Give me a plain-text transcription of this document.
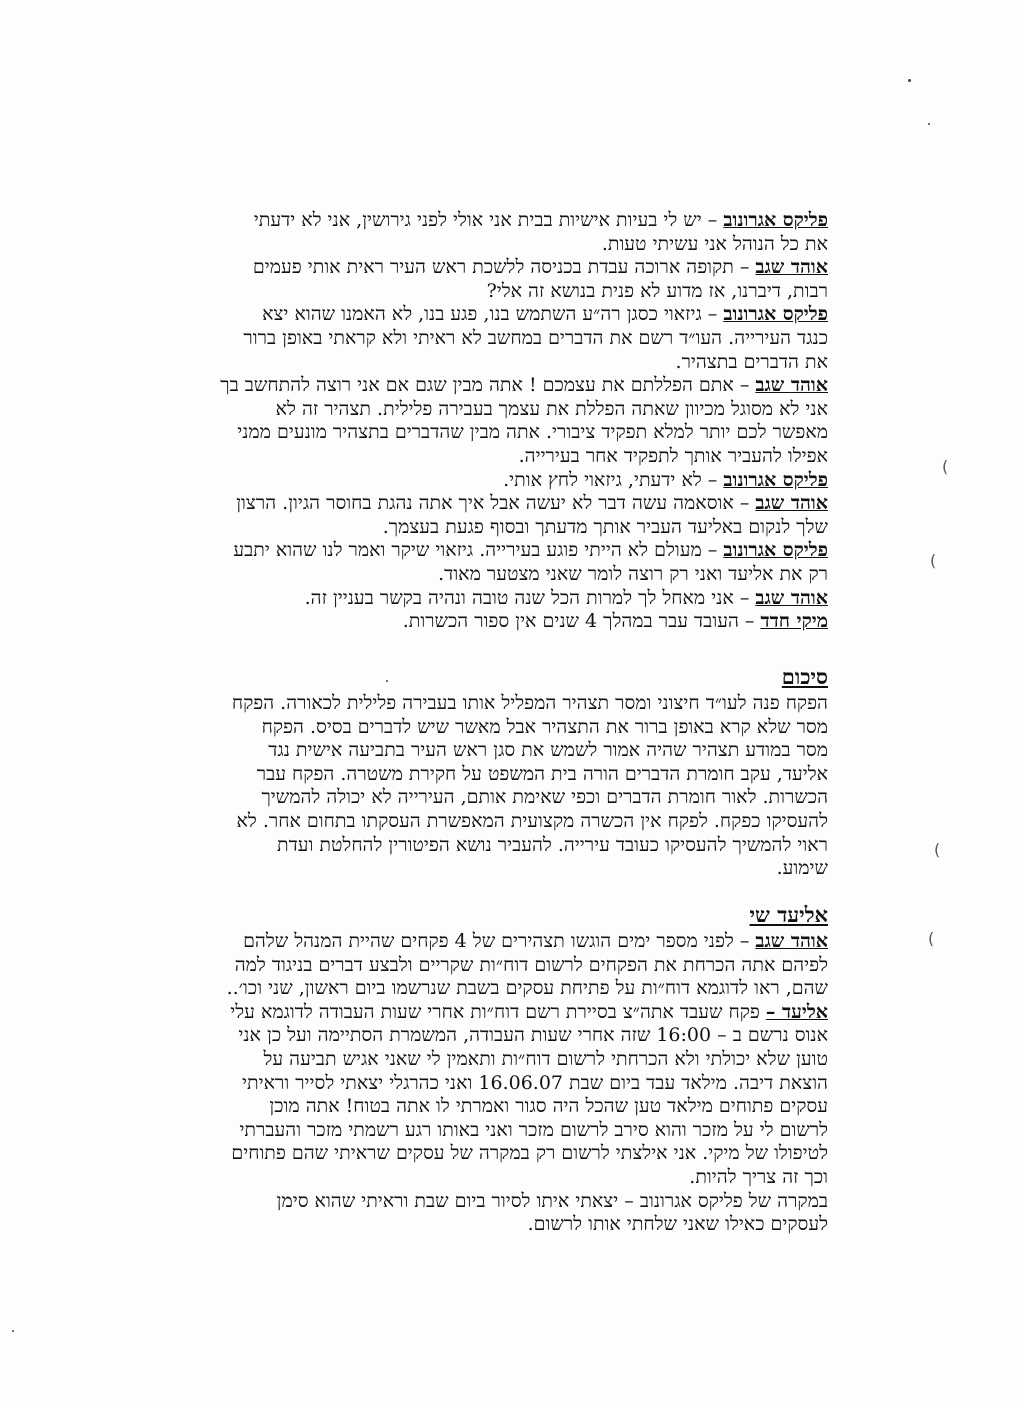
(
(
(
(
פליקס אגרונוב – יש לי בעיות אישיות בבית אני אולי לפני גירושין, אני לא ידעתי
את כל הנוהל אני עשיתי טעות.
אוהד שגב – תקופה ארוכה עבדת בכניסה ללשכת ראש העיר ראית אותי פעמים
רבות, דיברנו, אז מדוע לא פנית בנושא זה אלי?
פליקס אגרונוב – גיזאוי כסגן רה״ע השתמש בנו, פגע בנו, לא האמנו שהוא יצא
כנגד העירייה. העו״ד רשם את הדברים במחשב לא ראיתי ולא קראתי באופן ברור
את הדברים בתצהיר.
אוהד שגב – אתם הפללתם את עצמכם ! אתה מבין שגם אם אני רוצה להתחשב בך
אני לא מסוגל מכיוון שאתה הפללת את עצמך בעבירה פלילית. תצהיר זה לא
מאפשר לכם יותר למלא תפקיד ציבורי. אתה מבין שהדברים בתצהיר מונעים ממני
אפילו להעביר אותך לתפקיד אחר בעירייה.
פליקס אגרונוב – לא ידעתי, גיזאוי לחץ אותי.
אוהד שגב – אוסאמה עשה דבר לא יעשה אבל איך אתה נהגת בחוסר הגיון. הרצון
שלך לנקום באליעד העביר אותך מדעתך ובסוף פגעת בעצמך.
פליקס אגרונוב – מעולם לא הייתי פוגע בעירייה. גיזאוי שיקר ואמר לנו שהוא יתבע
רק את אליעד ואני רק רוצה לומר שאני מצטער מאוד.
אוהד שגב – אני מאחל לך למרות הכל שנה טובה ונהיה בקשר בעניין זה.
מיקי חדד – העובד עבר במהלך 4 שנים אין ספור הכשרות.
סיכום
הפקח פנה לעו״ד חיצוני ומסר תצהיר המפליל אותו בעבירה פלילית לכאורה. הפקח
מסר שלא קרא באופן ברור את התצהיר אבל מאשר שיש לדברים בסיס. הפקח
מסר במודע תצהיר שהיה אמור לשמש את סגן ראש העיר בתביעה אישית נגד
אליעד, עקב חומרת הדברים הורה בית המשפט על חקירת משטרה. הפקח עבר
הכשרות. לאור חומרת הדברים וכפי שאימת אותם, העירייה לא יכולה להמשיך
להעסיקו כפקח. לפקח אין הכשרה מקצועית המאפשרת העסקתו בתחום אחר. לא
ראוי להמשיך להעסיקו כעובד עירייה. להעביר נושא הפיטורין להחלטת ועדת
שימוע.
אליעד שי
אוהד שגב – לפני מספר ימים הוגשו תצהירים של 4 פקחים שהיית המנהל שלהם
לפיהם אתה הכרחת את הפקחים לרשום דוח״ות שקריים ולבצע דברים בניגוד למה
שהם, ראו לדוגמא דוח״ות על פתיחת עסקים בשבת שנרשמו ביום ראשון, שני וכו׳..
אליעד – פקח שעבד אתה״צ בסיירת רשם דוח״ות אחרי שעות העבודה לדוגמא עלי
אנוס נרשם ב – 16:00 שזה אחרי שעות העבודה, המשמרת הסתיימה ועל כן אני
טוען שלא יכולתי ולא הכרחתי לרשום דוח״ות ותאמין לי שאני אגיש תביעה על
הוצאת דיבה. מילאד עבד ביום שבת 16.06.07 ואני כהרגלי יצאתי לסייר וראיתי
עסקים פתוחים מילאד טען שהכל היה סגור ואמרתי לו אתה בטוח! אתה מוכן
לרשום לי על מזכר והוא סירב לרשום מזכר ואני באותו רגע רשמתי מזכר והעברתי
לטיפולו של מיקי. אני אילצתי לרשום רק במקרה של עסקים שראיתי שהם פתוחים
וכך זה צריך להיות.
במקרה של פליקס אגרונוב – יצאתי איתו לסיור ביום שבת וראיתי שהוא סימן
לעסקים כאילו שאני שלחתי אותו לרשום.
